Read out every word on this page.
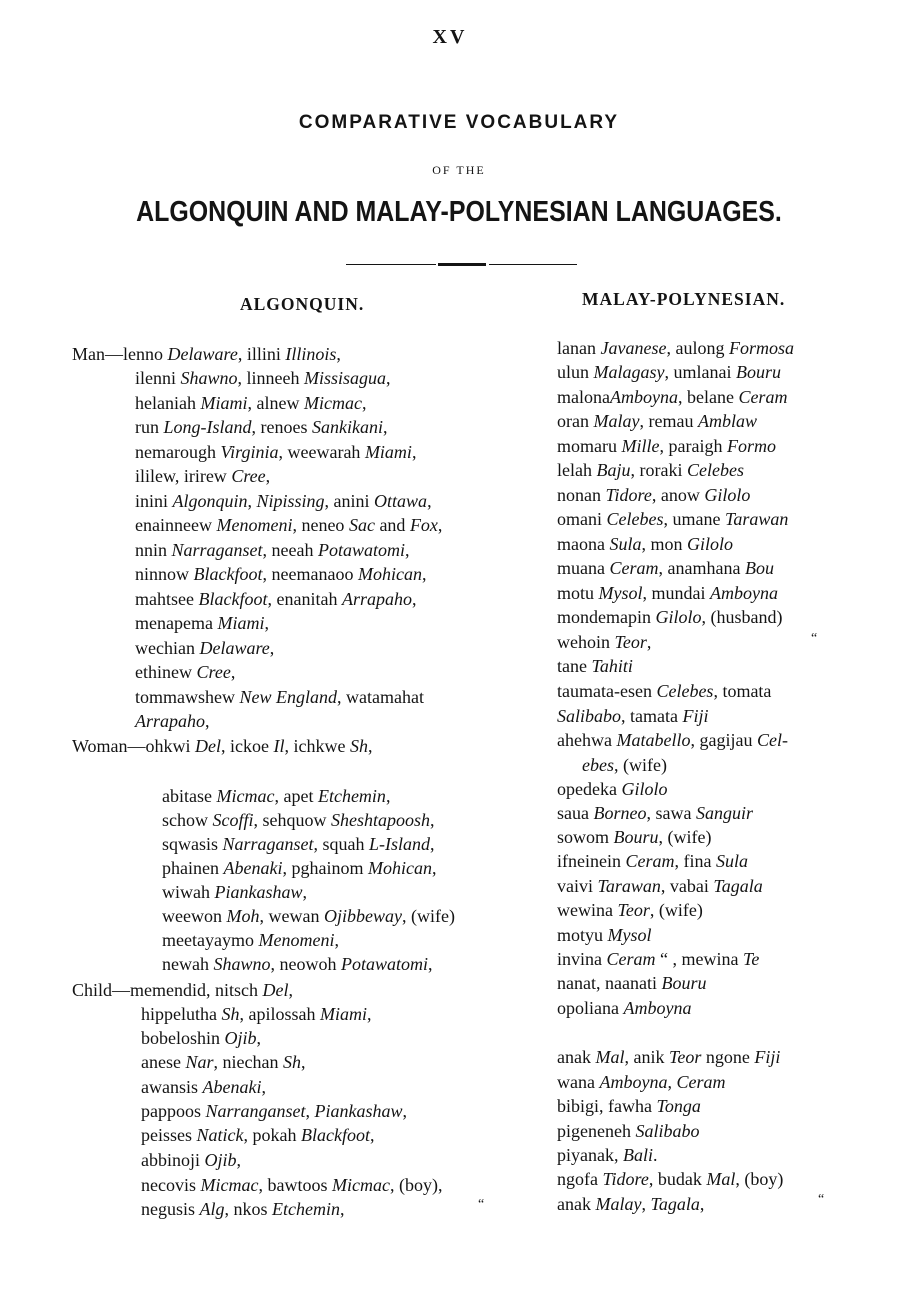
XV
COMPARATIVE VOCABULARY
OF THE
ALGONQUIN AND MALAY-POLYNESIAN LANGUAGES.
ALGONQUIN.	MALAY-POLYNESIAN.
Man—lenno Delaware, illini Illinois,
ilenni Shawno, linneeh Missisagua,
helaniah Miami, alnew Micmac,
run Long-Island, renoes Sankikani,
nemarough Virginia, weewarah Miami,
ililew, irirew Cree,
inini Algonquin, Nipissing, anini Ottawa,
enainneew Menomeni, neneo Sac and Fox,
nnin Narraganset, neeah Potawatomi,
ninnow Blackfoot, neemanaoo Mohican,
mahtsee Blackfoot, enanitah Arrapaho,
menapema Miami,
wechian Delaware,
ethinew Cree,
tommawshew New England, watamahat
Arrapaho,
Woman—ohkwi Del, ickoe Il, ichkwe Sh,
abitase Micmac, apet Etchemin,
schow Scoffi, sehquow Sheshtapoosh,
sqwasis Narraganset, squah L-Island,
phainen Abenaki, pghainom Mohican,
wiwah Piankashaw,
weewon Moh, wewan Ojibbeway, (wife)
meetayaymo Menomeni,
newah Shawno, neowoh Potawatomi,
Child—memendid, nitsch Del,
hippelutha Sh, apilossah Miami,
bobeloshin Ojib,
anese Nar, niechan Sh,
awansis Abenaki,
pappoos Narranganset, Piankashaw,
peisses Natick, pokah Blackfoot,
abbinoji Ojib,
necovis Micmac, bawtoos Micmac, (boy),
negusis Alg, nkos Etchemin,
lanan Javanese, aulong Formosa
ulun Malagasy, umlanai Bouru
malonaAmboyna, belane Ceram
oran Malay, remau Amblaw
momaru Mille, paraigh Formo
lelah Baju, roraki Celebes
nonan Tidore, anow Gilolo
omani Celebes, umane Tarawan
maona Sula, mon Gilolo
muana Ceram, anamhana Bou
motu Mysol, mundai Amboyna
mondemapin Gilolo, (husband)
wehoin Teor,
tane Tahiti
taumata-esen Celebes, tomata
Salibabo, tamata Fiji
ahehwa Matabello, gagijau Cel-
ebes, (wife)
opedeka Gilolo
saua Borneo, sawa Sanguir
sowom Bouru, (wife)
ifneinein Ceram, fina Sula
vaivi Tarawan, vabai Tagala
wewina Teor, (wife)
motyu Mysol
invina Ceram “ , mewina Te
nanat, naanati Bouru
opoliana Amboyna
anak Mal, anik Teor ngone Fiji
wana Amboyna, Ceram
bibigi, fawha Tonga
pigeneneh Salibabo
piyanak, Bali.
ngofa Tidore, budak Mal, (boy)
anak Malay, Tagala,
“
“
“
